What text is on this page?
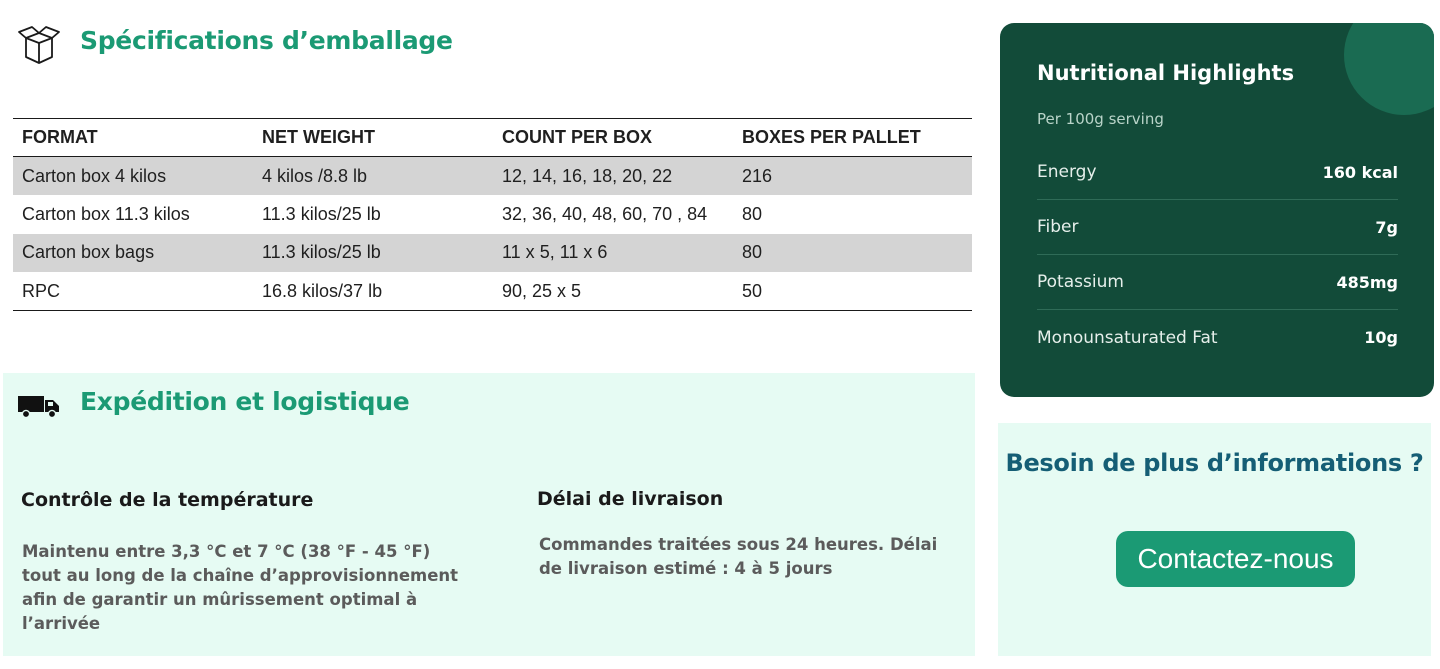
Spécifications d’emballage
FORMAT	NET WEIGHT	COUNT PER BOX	BOXES PER PALLET
Carton box 4 kilos	4 kilos /8.8 lb	12, 14, 16, 18, 20, 22	216
Carton box 11.3 kilos	11.3 kilos/25 lb	32, 36, 40, 48, 60, 70 , 84	80
Carton box bags	11.3 kilos/25 lb	11 x 5, 11 x 6	80
RPC	16.8 kilos/37 lb	90, 25 x 5	50
Expédition et logistique
Contrôle de la température

Maintenu entre 3,3 °C et 7 °C (38 °F - 45 °F) tout au long de la chaîne d’approvisionnement afin de garantir un mûrissement optimal à l’arrivée

Délai de livraison

Commandes traitées sous 24 heures. Délai de livraison estimé : 4 à 5 jours

Nutritional Highlights
Per 100g serving
Energy	160 kcal
Fiber	7g
Potassium	485mg
Monounsaturated Fat	10g
Besoin de plus d’informations ?
Contactez-nous
